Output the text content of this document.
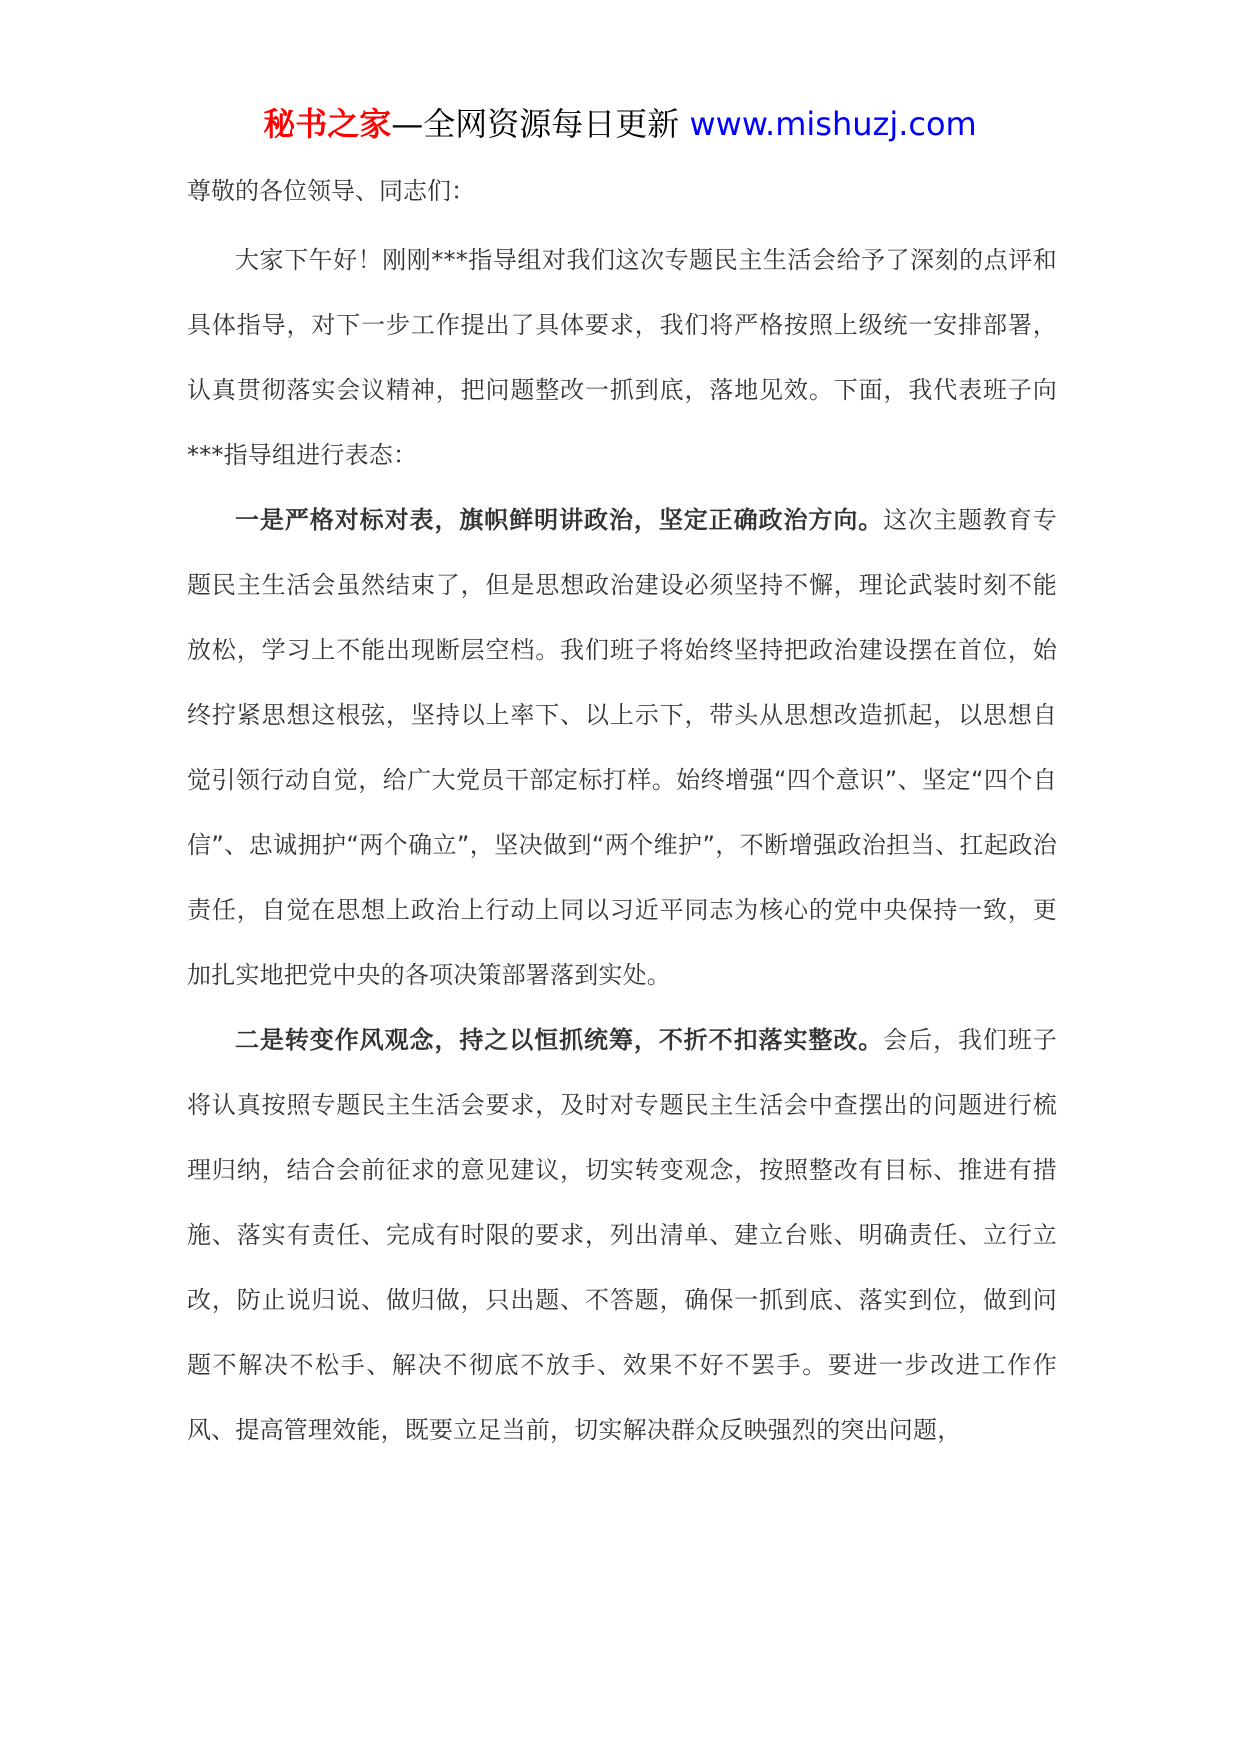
秘书之家—全网资源每日更新 www.mishuzj.com
尊敬的各位领导、同志们：

大家下午好！刚刚***指导组对我们这次专题民主生活会给予了深刻的点评和具体指导，对下一步工作提出了具体要求，我们将严格按照上级统一安排部署，认真贯彻落实会议精神，把问题整改一抓到底，落地见效。下面，我代表班子向***指导组进行表态：

一是严格对标对表，旗帜鲜明讲政治，坚定正确政治方向。这次主题教育专题民主生活会虽然结束了，但是思想政治建设必须坚持不懈，理论武装时刻不能放松，学习上不能出现断层空档。我们班子将始终坚持把政治建设摆在首位，始终拧紧思想这根弦，坚持以上率下、以上示下，带头从思想改造抓起，以思想自觉引领行动自觉，给广大党员干部定标打样。始终增强“四个意识”、坚定“四个自信”、忠诚拥护“两个确立”，坚决做到“两个维护”，不断增强政治担当、扛起政治责任，自觉在思想上政治上行动上同以习近平同志为核心的党中央保持一致，更加扎实地把党中央的各项决策部署落到实处。

二是转变作风观念，持之以恒抓统筹，不折不扣落实整改。会后，我们班子将认真按照专题民主生活会要求，及时对专题民主生活会中查摆出的问题进行梳理归纳，结合会前征求的意见建议，切实转变观念，按照整改有目标、推进有措施、落实有责任、完成有时限的要求，列出清单、建立台账、明确责任、立行立改，防止说归说、做归做，只出题、不答题，确保一抓到底、落实到位，做到问题不解决不松手、解决不彻底不放手、效果不好不罢手。要进一步改进工作作风、提高管理效能，既要立足当前，切实解决群众反映强烈的突出问题，
